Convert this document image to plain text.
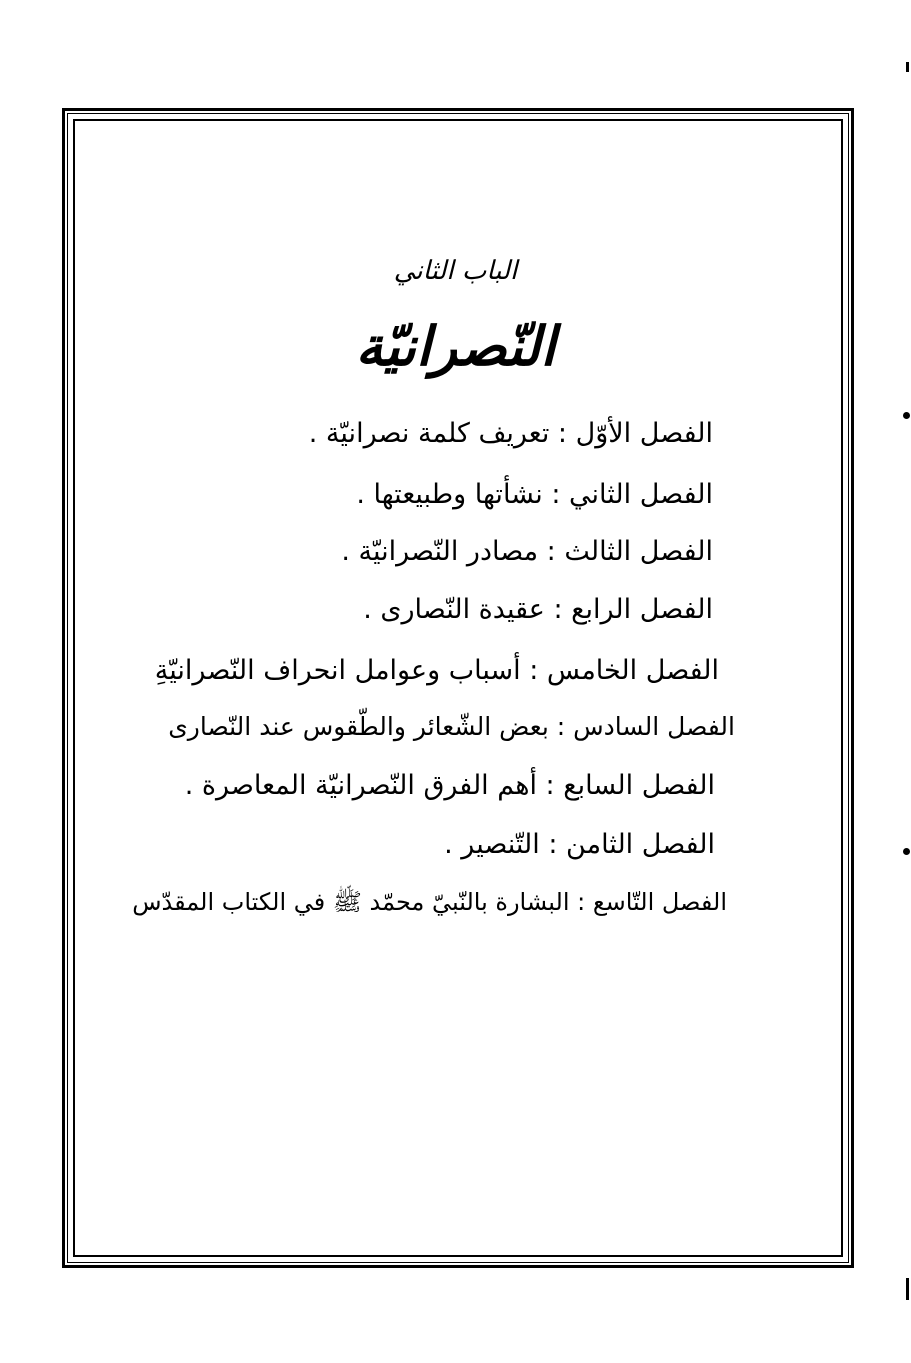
الباب الثاني
النّصرانيّة
الفصل الأوّل : تعريف كلمة نصرانيّة .
الفصل الثاني : نشأتها وطبيعتها .
الفصل الثالث : مصادر النّصرانيّة .
الفصل الرابع : عقيدة النّصارى .
الفصل الخامس : أسباب وعوامل انحراف النّصرانيّةِ
الفصل السادس : بعض الشّعائر والطّقوس عند النّصارى
الفصل السابع : أهم الفرق النّصرانيّة المعاصرة .
الفصل الثامن : التّنصير .
الفصل التّاسع : البشارة بالنّبيّ محمّد ﷺ في الكتاب المقدّس
